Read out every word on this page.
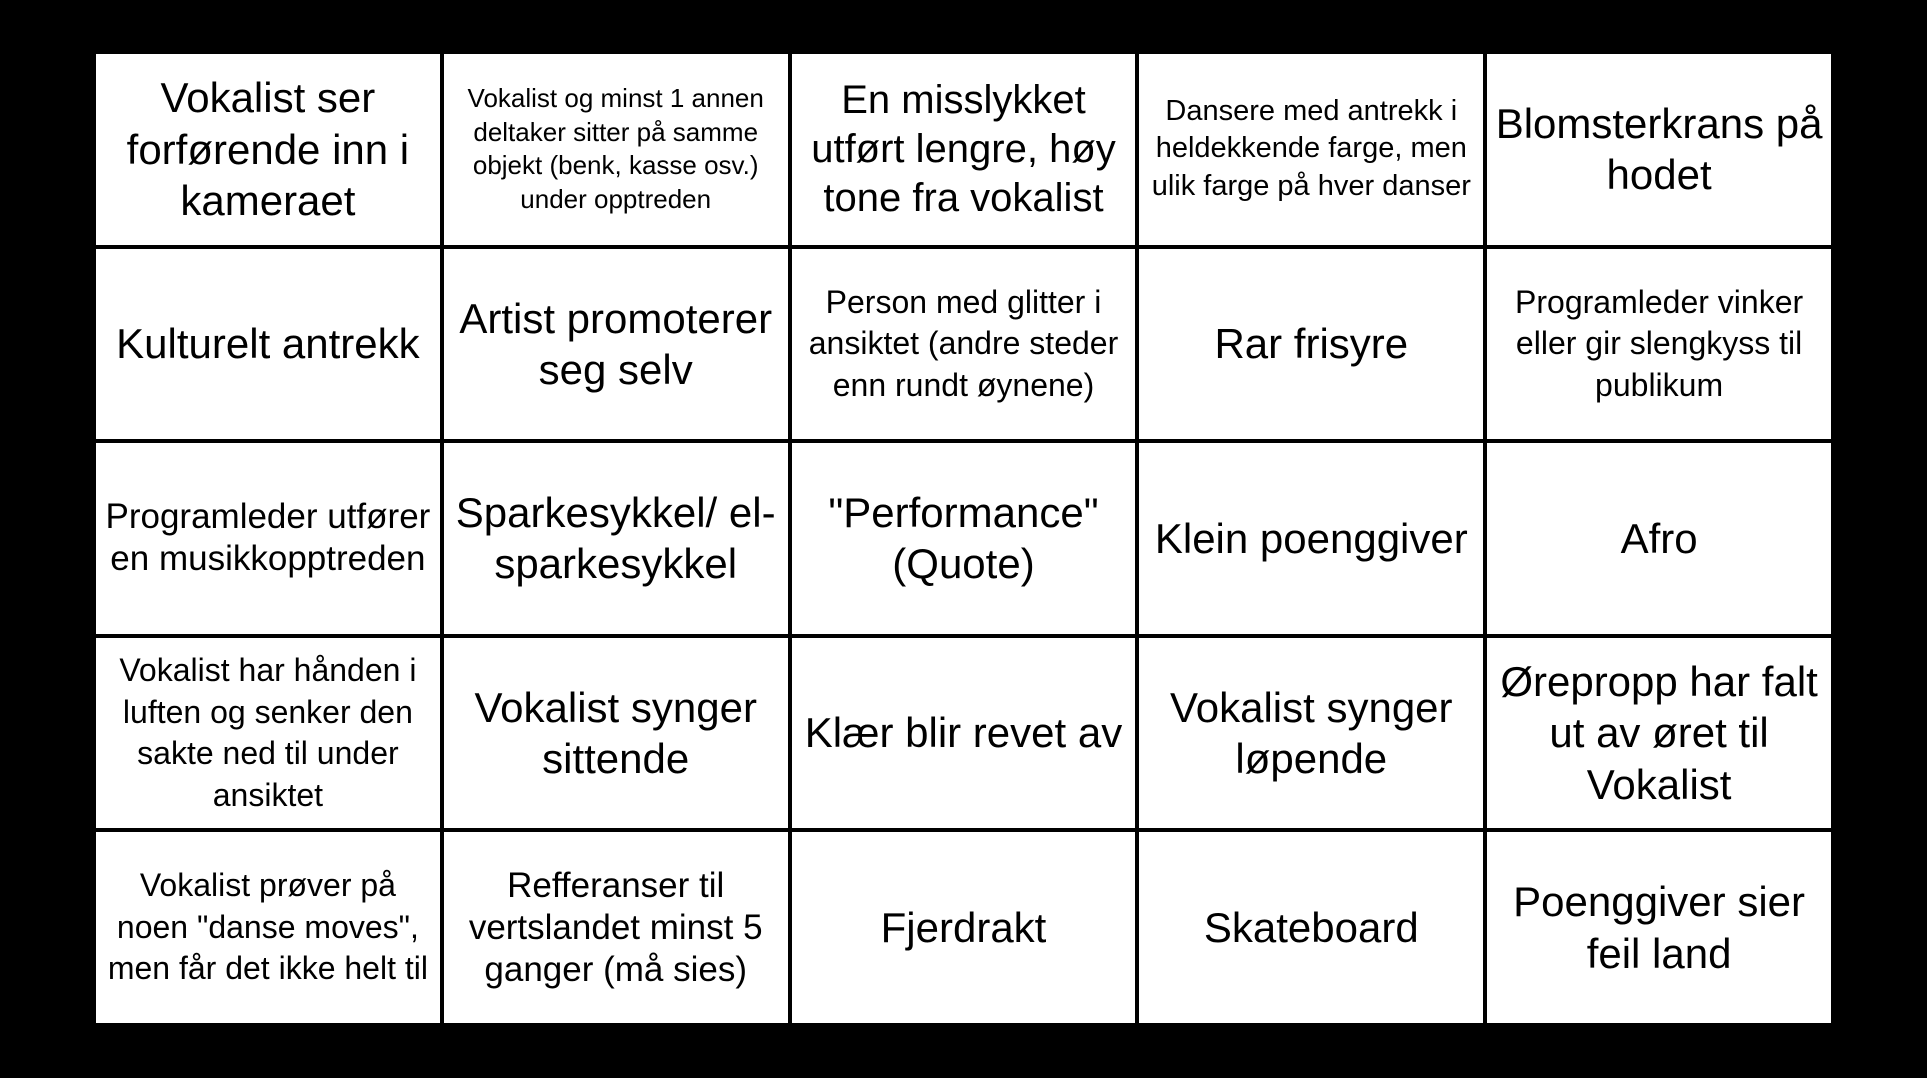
Vokalist ser forførende inn i kameraet
Vokalist og minst 1 annen deltaker sitter på samme objekt (benk, kasse osv.) under opptreden
En misslykket utført lengre, høy tone fra vokalist
Dansere med antrekk i heldekkende farge, men ulik farge på hver danser
Blomsterkrans på hodet
Kulturelt antrekk
Artist promoterer seg selv
Person med glitter i ansiktet (andre steder enn rundt øynene)
Rar frisyre
Programleder vinker eller gir slengkyss til publikum
Programleder utfører en musikkopptreden
Sparkesykkel/ el-sparkesykkel
"Performance" (Quote)
Klein poenggiver	Afro
Vokalist har hånden i luften og senker den sakte ned til under ansiktet
Vokalist synger sittende
Klær blir revet av
Vokalist synger løpende
Ørepropp har falt ut av øret til Vokalist
Vokalist prøver på noen "danse moves", men får det ikke helt til
Refferanser til vertslandet minst 5 ganger (må sies)
Fjerdrakt	Skateboard
Poenggiver sier feil land
